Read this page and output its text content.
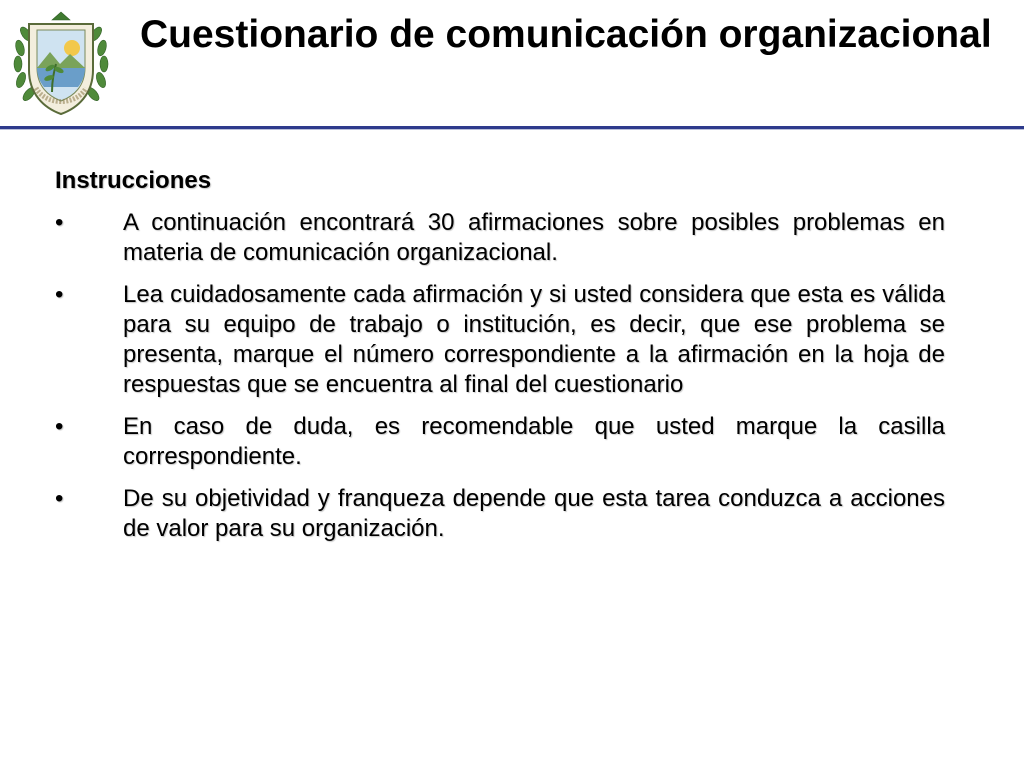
Cuestionario de comunicación organizacional
Instrucciones
• A continuación encontrará 30 afirmaciones sobre posibles problemas en materia de comunicación organizacional.
• Lea cuidadosamente cada afirmación y si usted considera que esta es válida para su equipo de trabajo o institución, es decir, que ese problema se presenta, marque el número correspondiente a la afirmación en la hoja de respuestas que se encuentra al final del cuestionario
• En caso de duda, es recomendable que usted marque la casilla correspondiente.
• De su objetividad y franqueza depende que esta tarea conduzca a acciones de valor para su organización.
